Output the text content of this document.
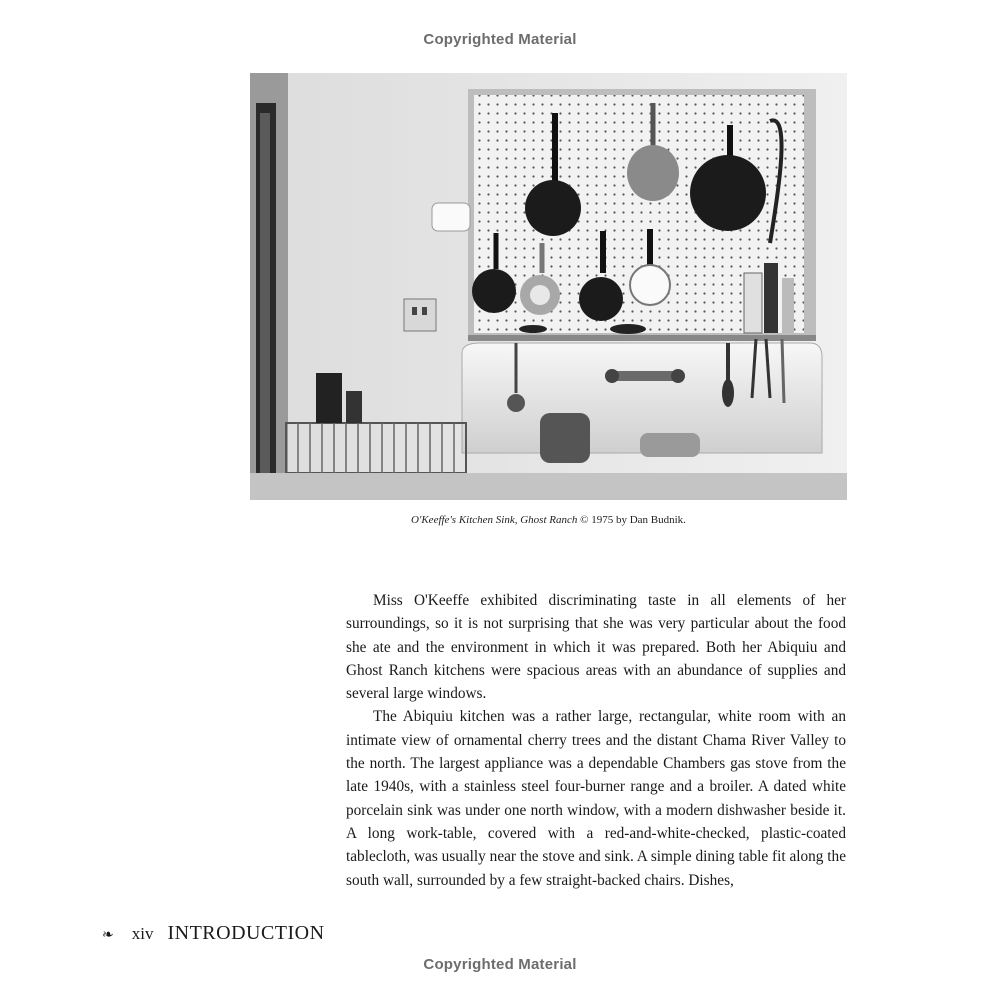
Copyrighted Material
O'Keeffe's Kitchen Sink, Ghost Ranch © 1975 by Dan Budnik.

Miss O'Keeffe exhibited discriminating taste in all elements of her surroundings, so it is not surprising that she was very particular about the food she ate and the environment in which it was prepared. Both her Abiquiu and Ghost Ranch kitchens were spacious areas with an abundance of supplies and several large windows.

The Abiquiu kitchen was a rather large, rectangular, white room with an intimate view of ornamental cherry trees and the distant Chama River Valley to the north. The largest appliance was a dependable Chambers gas stove from the late 1940s, with a stainless steel four-burner range and a broiler. A dated white porcelain sink was under one north window, with a modern dishwasher beside it. A long work-table, covered with a red-and-white-checked, plastic-coated tablecloth, was usually near the stove and sink. A simple dining table fit along the south wall, surrounded by a few straight-backed chairs. Dishes,

❧ xiv INTRODUCTION
Copyrighted Material
